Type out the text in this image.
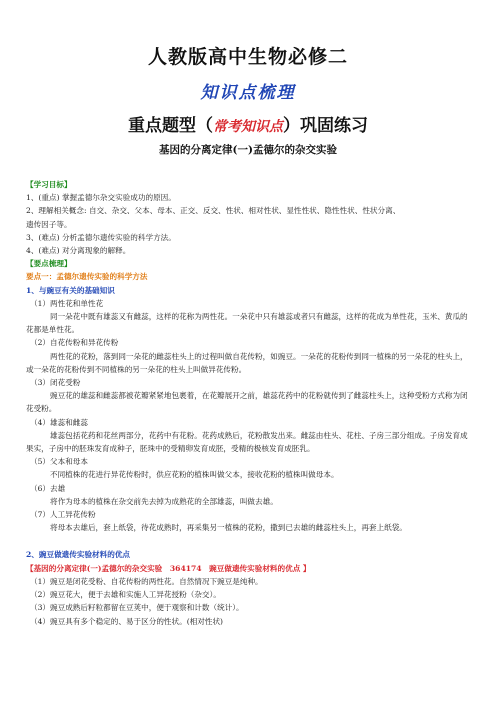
人教版高中生物必修二
知识点梳理
重点题型（常考知识点）巩固练习
基因的分离定律(一)孟德尔的杂交实验
【学习目标】
1、(重点) 掌握孟德尔杂交实验成功的原因。
2、理解相关概念: 自交、杂交、父本、母本、正交、反交、性状、相对性状、显性性状、隐性性状、性状分离、
遗传因子等。
3、(难点) 分析孟德尔遗传实验的科学方法。
4、(难点) 对分离现象的解释。
【要点梳理】
要点一：孟德尔遗传实验的科学方法
1、与豌豆有关的基础知识
（1）两性花和单性花
同一朵花中既有雄蕊又有雌蕊，这样的花称为两性花。一朵花中只有雄蕊或者只有雌蕊，这样的花成为单性花，玉米、黄瓜的花都是单性花。
（2）自花传粉和异花传粉
两性花的花粉，落到同一朵花的雌蕊柱头上的过程叫做自花传粉，如豌豆。一朵花的花粉传到同一植株的另一朵花的柱头上，或一朵花的花粉传到不同植株的另一朵花的柱头上叫做异花传粉。
（3）闭花受粉
豌豆花的雄蕊和雌蕊都被花瓣紧紧地包裹着，在花瓣展开之前，雄蕊花药中的花粉就传到了雌蕊柱头上，这种受粉方式称为闭花受粉。
（4）雄蕊和雌蕊
雄蕊包括花药和花丝两部分，花药中有花粉。花药成熟后，花粉散发出来。雌蕊由柱头、花柱、子房三部分组成。子房发育成果实，子房中的胚珠发育成种子，胚珠中的受精卵发育成胚，受精的极核发育成胚乳。
（5）父本和母本
不同植株的花进行异花传粉时，供应花粉的植株叫做父本，接收花粉的植株叫做母本。
（6）去雄
将作为母本的植株在杂交前先去掉为成熟花的全部雄蕊，叫做去雄。
（7）人工异花传粉
将母本去雄后，套上纸袋，待花成熟时，再采集另一植株的花粉，撒到已去雄的雌蕊柱头上，再套上纸袋。
2、豌豆做遗传实验材料的优点
【基因的分离定律(一)孟德尔的杂交实验　364174　豌豆做遗传实验材料的优点 】
（1）豌豆是闭花受粉、自花传粉的两性花。自然情况下豌豆是纯种。
（2）豌豆花大，便于去雄和实施人工异花授粉（杂交）。
（3）豌豆成熟后籽粒都留在豆荚中，便于观察和计数（统计）。
（4）豌豆具有多个稳定的、易于区分的性状。(相对性状)
